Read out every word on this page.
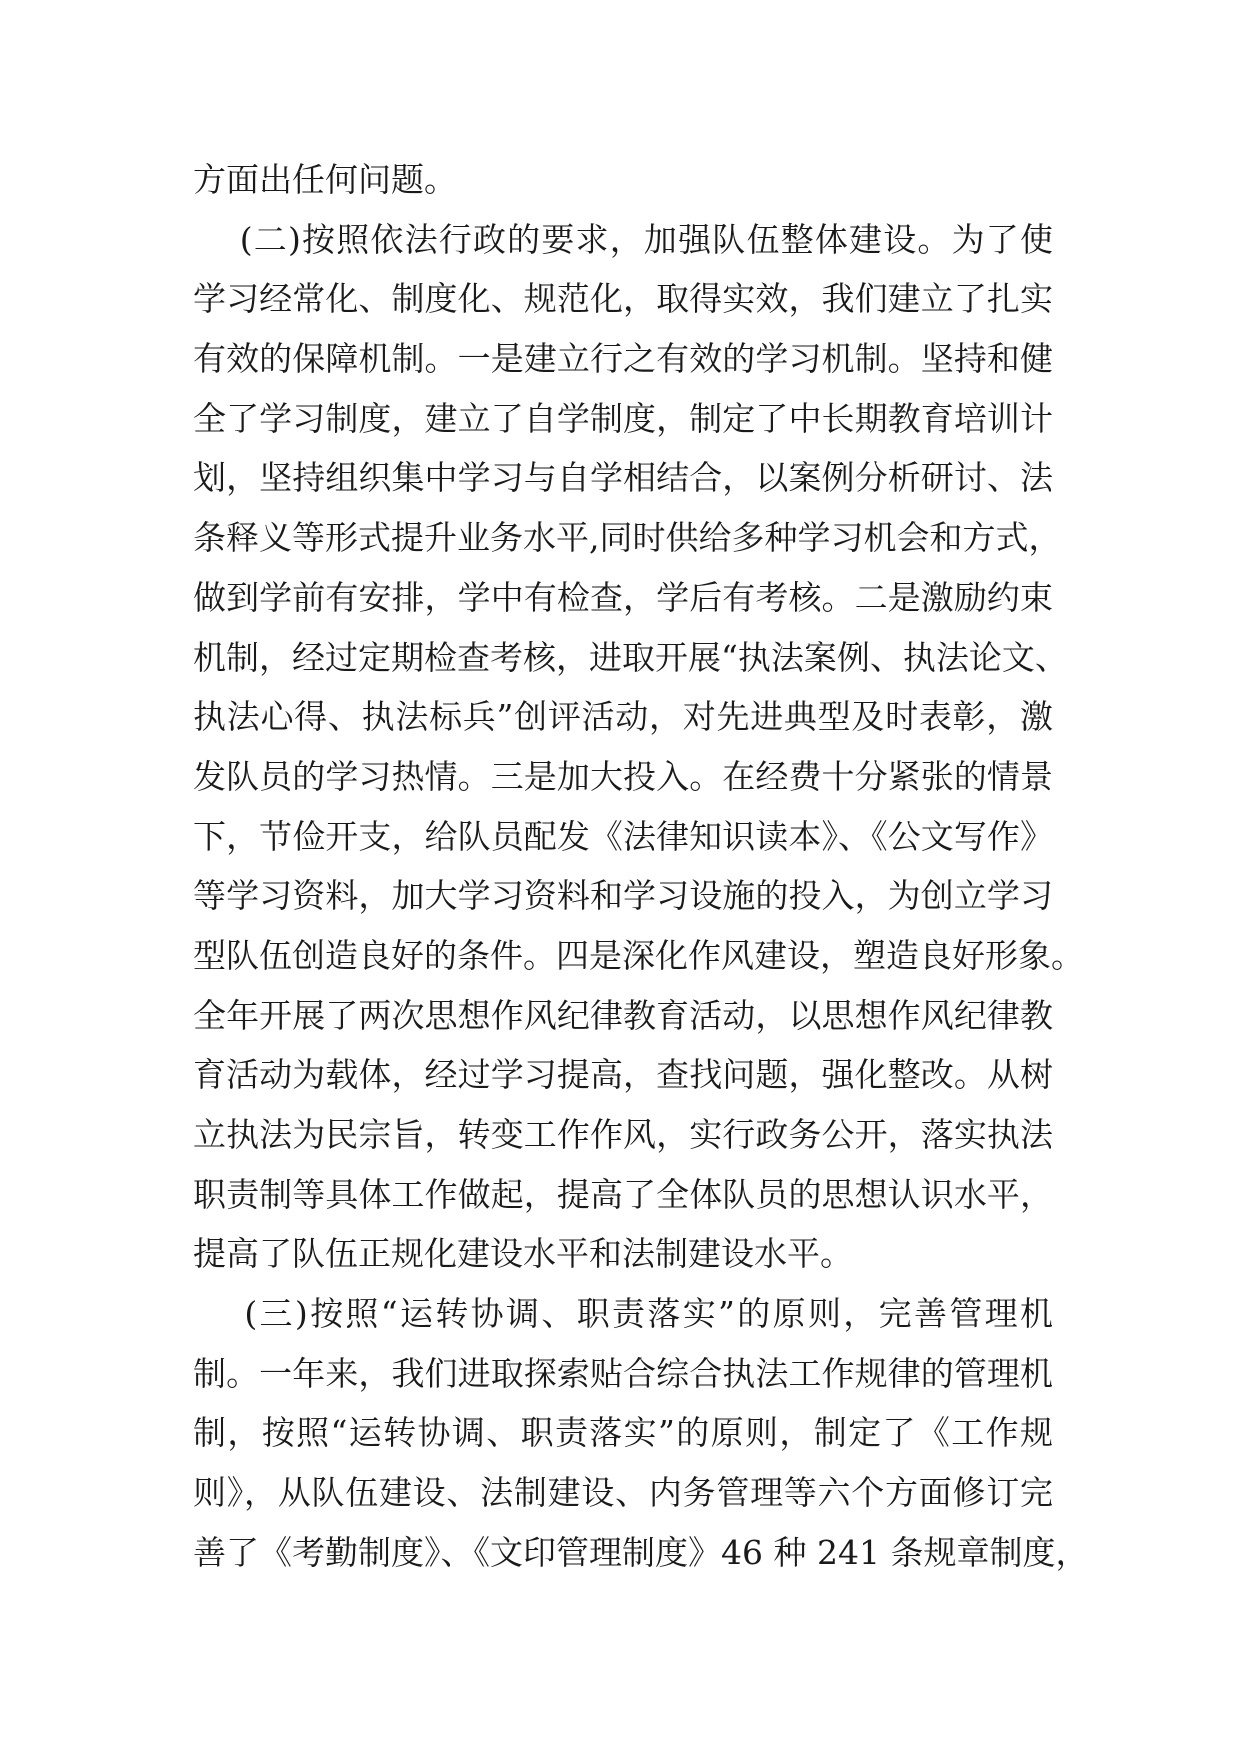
方面出任何问题。
(二)按照依法行政的要求，加强队伍整体建设。为了使
学习经常化、制度化、规范化，取得实效，我们建立了扎实
有效的保障机制。一是建立行之有效的学习机制。坚持和健
全了学习制度，建立了自学制度，制定了中长期教育培训计
划，坚持组织集中学习与自学相结合，以案例分析研讨、法
条释义等形式提升业务水平,同时供给多种学习机会和方式，
做到学前有安排，学中有检查，学后有考核。二是激励约束
机制，经过定期检查考核，进取开展“执法案例、执法论文、
执法心得、执法标兵”创评活动，对先进典型及时表彰，激
发队员的学习热情。三是加大投入。在经费十分紧张的情景
下，节俭开支，给队员配发《法律知识读本》、《公文写作》
等学习资料，加大学习资料和学习设施的投入，为创立学习
型队伍创造良好的条件。四是深化作风建设，塑造良好形象。
全年开展了两次思想作风纪律教育活动，以思想作风纪律教
育活动为载体，经过学习提高，查找问题，强化整改。从树
立执法为民宗旨，转变工作作风，实行政务公开，落实执法
职责制等具体工作做起，提高了全体队员的思想认识水平，
提高了队伍正规化建设水平和法制建设水平。
(三)按照“运转协调、职责落实”的原则，完善管理机
制。一年来，我们进取探索贴合综合执法工作规律的管理机
制，按照“运转协调、职责落实”的原则，制定了《工作规
则》，从队伍建设、法制建设、内务管理等六个方面修订完
善了《考勤制度》、《文印管理制度》46 种 241 条规章制度，
